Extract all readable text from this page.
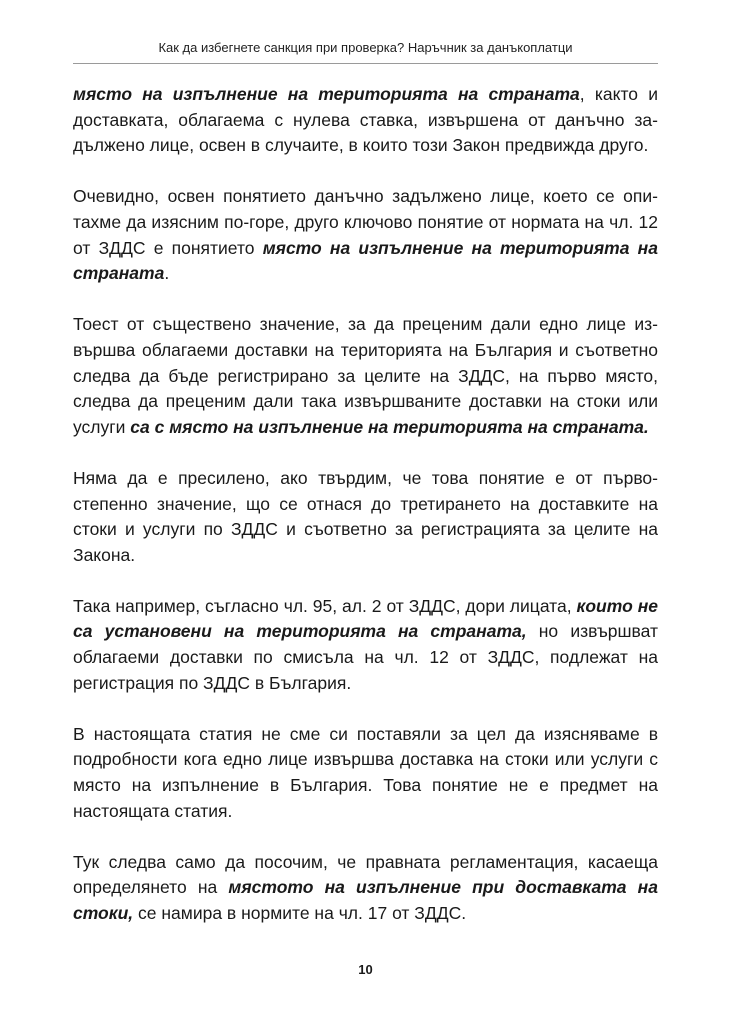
Как да избегнете санкция при проверка? Наръчник за данъкоплатци

място на изпълнение на територията на страната, както и доставката, облагаема с нулева ставка, извършена от данъчно задължено лице, освен в случаите, в които този Закон предвижда друго.

Очевидно, освен понятието данъчно задължено лице, което се опитахме да изясним по-горе, друго ключово понятие от нормата на чл. 12 от ЗДДС е понятието място на изпълнение на територията на страната.

Тоест от съществено значение, за да преценим дали едно лице извършва облагаеми доставки на територията на България и съответно следва да бъде регистрирано за целите на ЗДДС, на първо място, следва да преценим дали така извършваните доставки на стоки или услуги са с място на изпълнение на територията на страната.

Няма да е пресилено, ако твърдим, че това понятие е от първостепенно значение, що се отнася до третирането на доставките на стоки и услуги по ЗДДС и съответно за регистрацията за целите на Закона.

Така например, съгласно чл. 95, ал. 2 от ЗДДС, дори лицата, които не са установени на територията на страната, но извършват облагаеми доставки по смисъла на чл. 12 от ЗДДС, подлежат на регистрация по ЗДДС в България.

В настоящата статия не сме си поставяли за цел да изясняваме в подробности кога едно лице извършва доставка на стоки или услуги с място на изпълнение в България. Това понятие не е предмет на настоящата статия.

Тук следва само да посочим, че правната регламентация, касаеща определянето на мястото на изпълнение при доставката на стоки, се намира в нормите на чл. 17 от ЗДДС.

10
